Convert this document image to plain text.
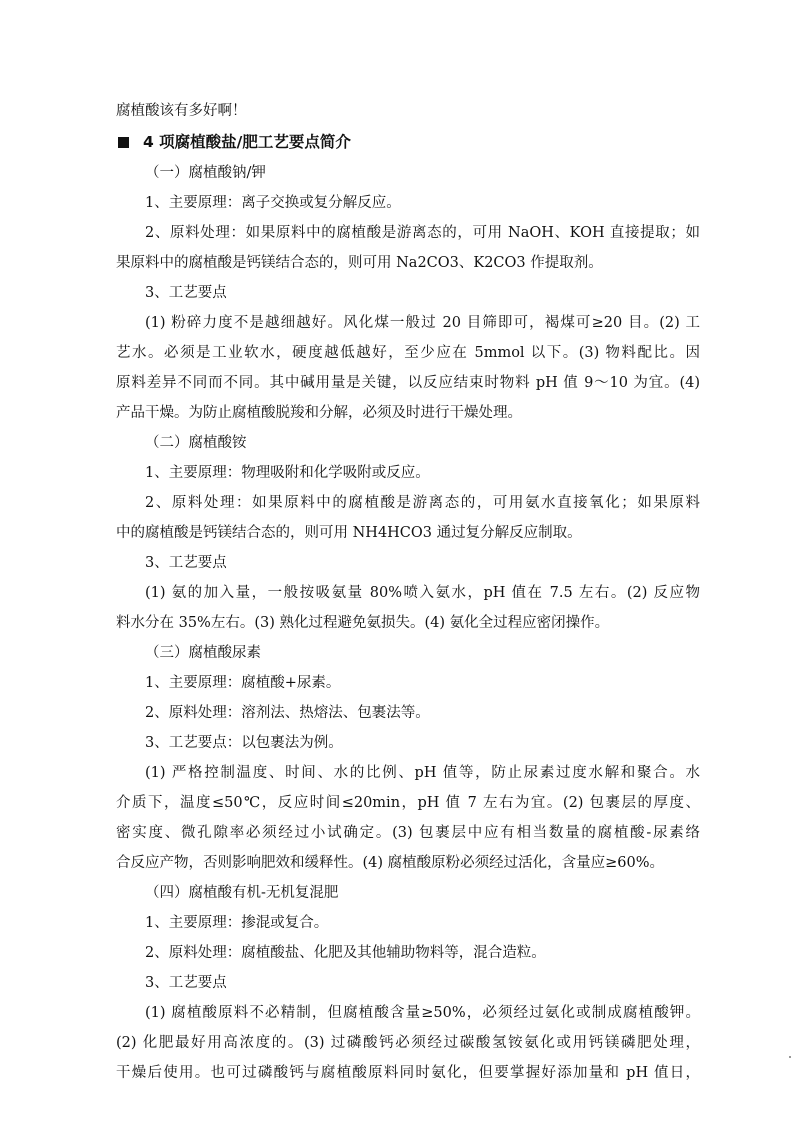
腐植酸该有多好啊！
4 项腐植酸盐/肥工艺要点简介
（一）腐植酸钠/钾
1、主要原理：离子交换或复分解反应。
2、原料处理：如果原料中的腐植酸是游离态的，可用 NaOH、KOH 直接提取；如
果原料中的腐植酸是钙镁结合态的，则可用 Na2CO3、K2CO3 作提取剂。
3、工艺要点
(1) 粉碎力度不是越细越好。风化煤一般过 20 目筛即可，褐煤可≥20 目。(2) 工
艺水。必须是工业软水，硬度越低越好，至少应在 5mmol 以下。(3) 物料配比。因
原料差异不同而不同。其中碱用量是关键，以反应结束时物料 pH 值 9～10 为宜。(4)
产品干燥。为防止腐植酸脱羧和分解，必须及时进行干燥处理。
（二）腐植酸铵
1、主要原理：物理吸附和化学吸附或反应。
2、原料处理：如果原料中的腐植酸是游离态的，可用氨水直接氧化；如果原料
中的腐植酸是钙镁结合态的，则可用 NH4HCO3 通过复分解反应制取。
3、工艺要点
(1) 氨的加入量，一般按吸氨量 80%喷入氨水，pH 值在 7.5 左右。(2) 反应物
料水分在 35%左右。(3) 熟化过程避免氨损失。(4) 氨化全过程应密闭操作。
（三）腐植酸尿素
1、主要原理：腐植酸+尿素。
2、原料处理：溶剂法、热熔法、包裹法等。
3、工艺要点：以包裹法为例。
(1) 严格控制温度、时间、水的比例、pH 值等，防止尿素过度水解和聚合。水
介质下，温度≤50℃，反应时间≤20min，pH 值 7 左右为宜。(2) 包裹层的厚度、
密实度、微孔隙率必须经过小试确定。(3) 包裹层中应有相当数量的腐植酸-尿素络
合反应产物，否则影响肥效和缓释性。(4) 腐植酸原粉必须经过活化，含量应≥60%。
（四）腐植酸有机-无机复混肥
1、主要原理：掺混或复合。
2、原料处理：腐植酸盐、化肥及其他辅助物料等，混合造粒。
3、工艺要点
(1) 腐植酸原料不必精制，但腐植酸含量≥50%，必须经过氨化或制成腐植酸钾。
(2) 化肥最好用高浓度的。(3) 过磷酸钙必须经过碳酸氢铵氨化或用钙镁磷肥处理，
干燥后使用。也可过磷酸钙与腐植酸原料同时氨化，但要掌握好添加量和 pH 值日，
